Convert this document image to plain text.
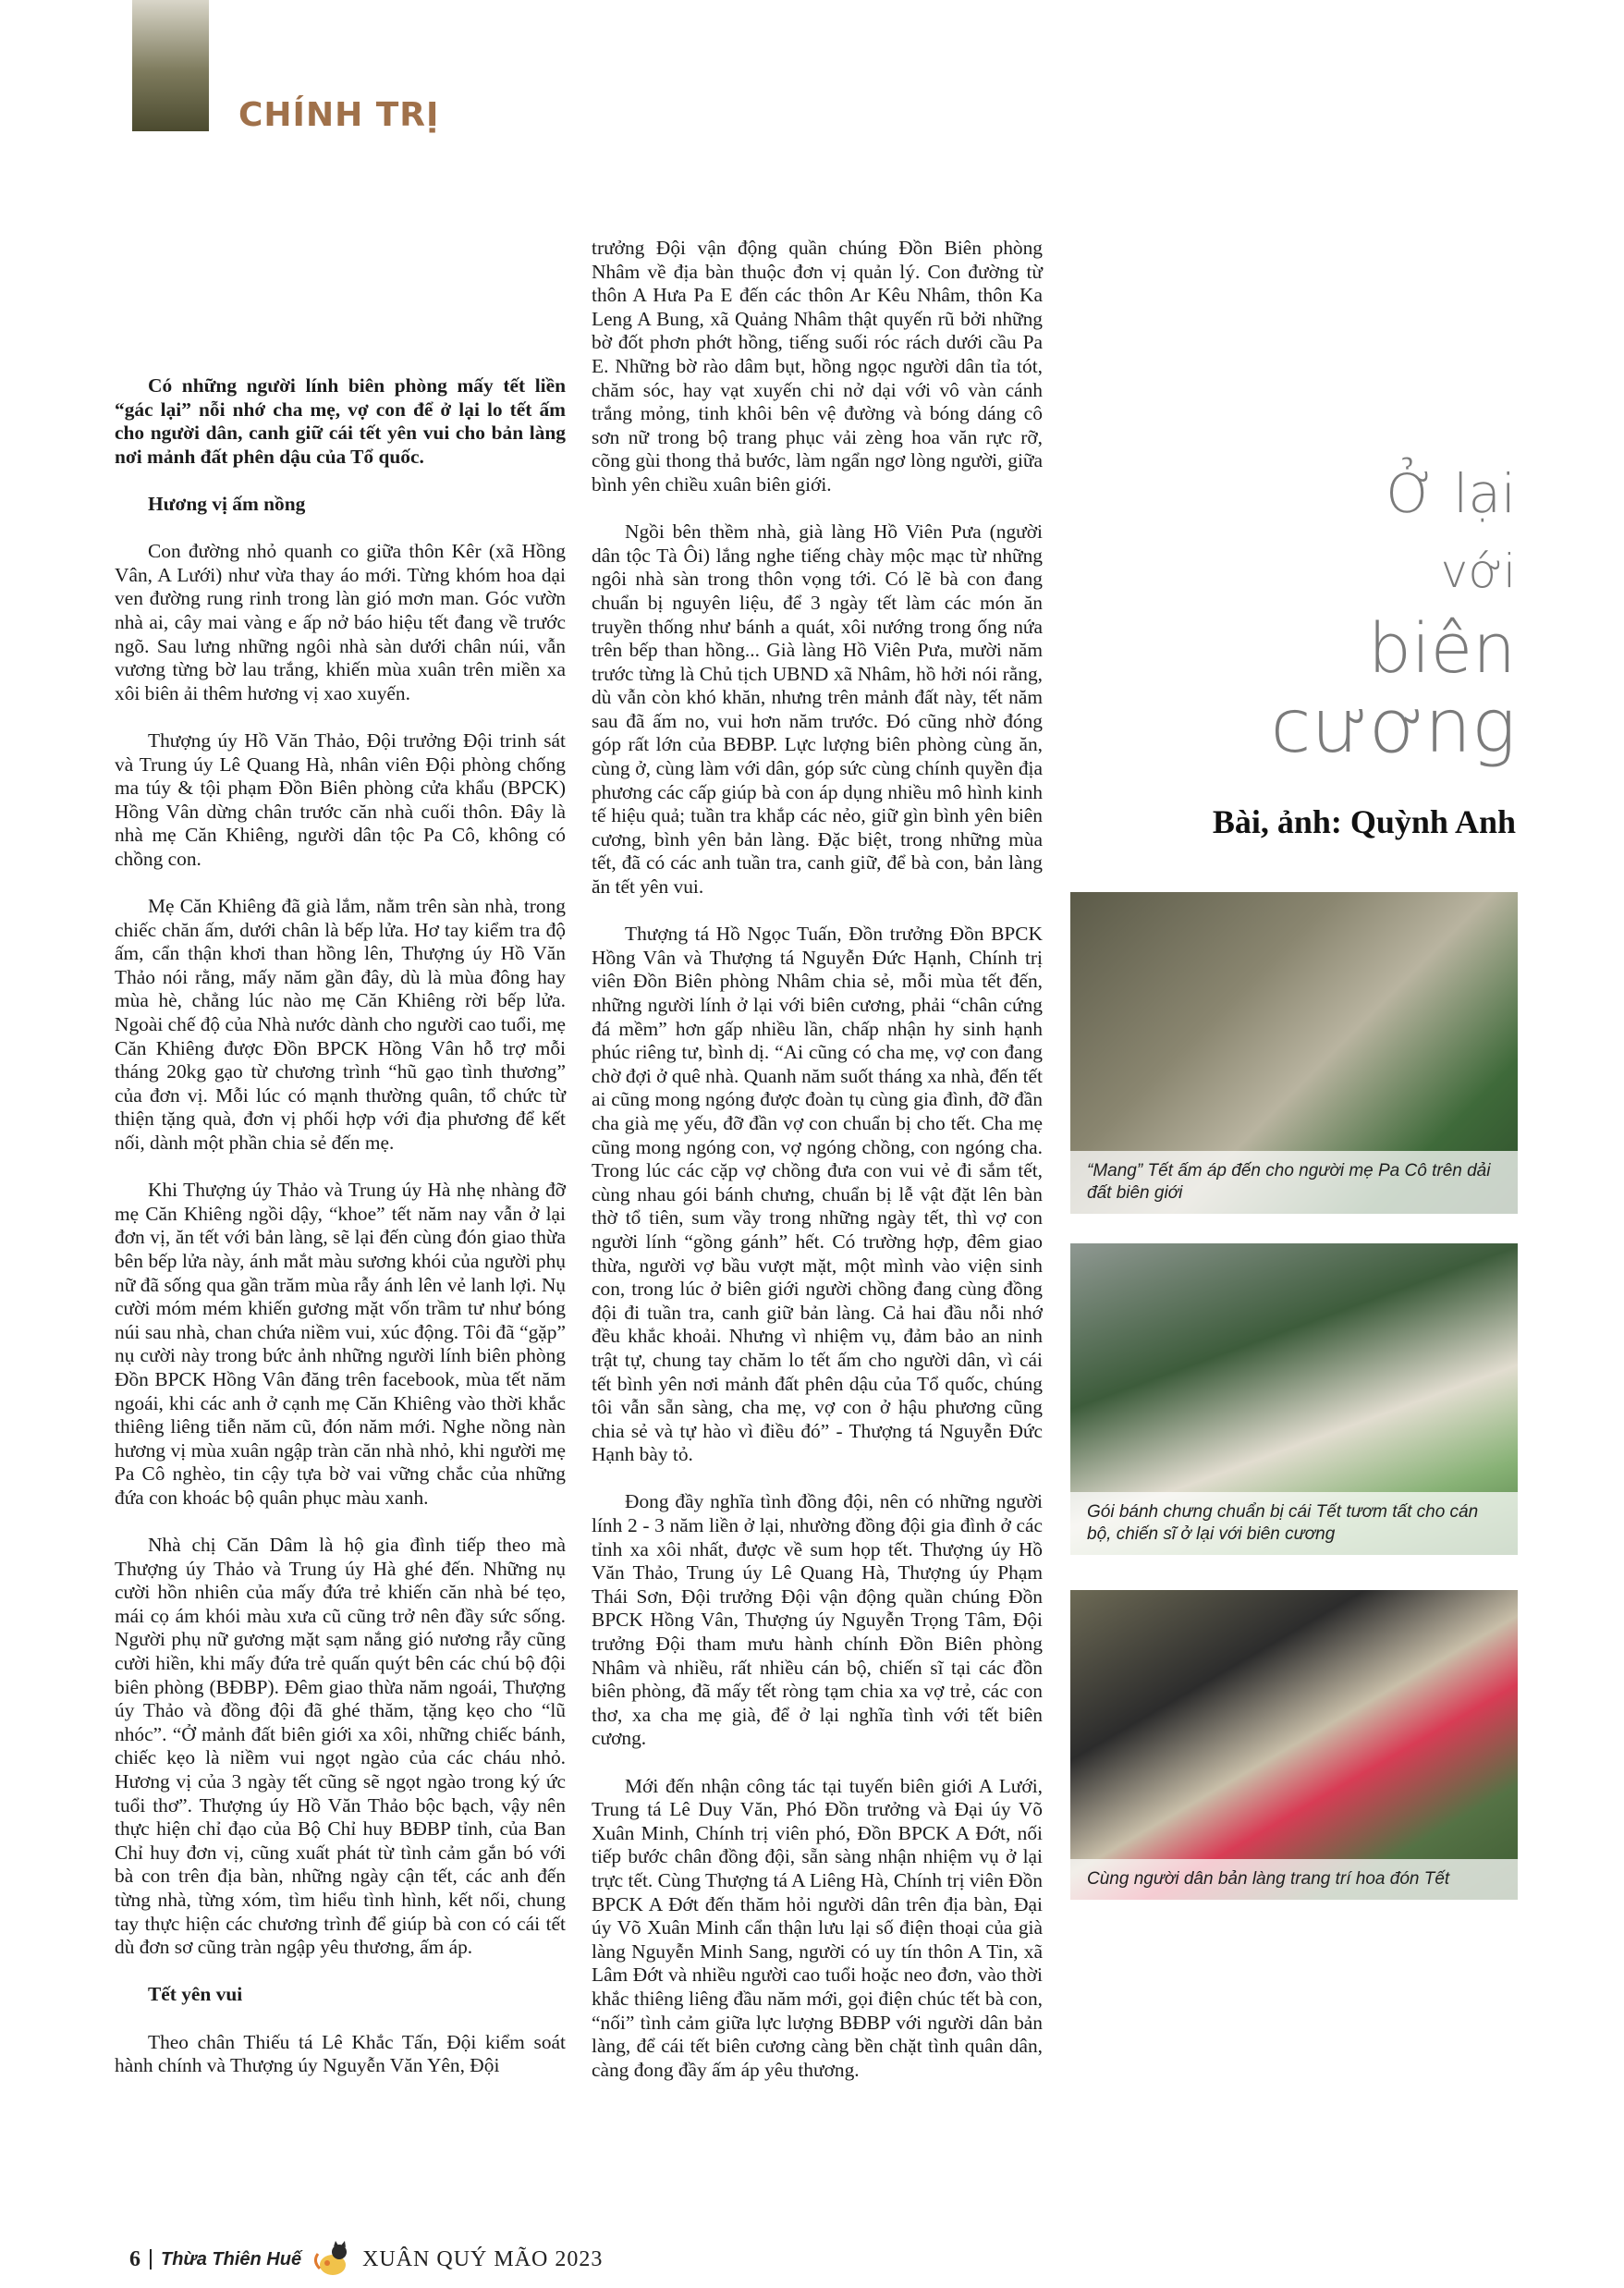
CHÍNH TRỊ

Có những người lính biên phòng mấy tết liền “gác lại” nỗi nhớ cha mẹ, vợ con để ở lại lo tết ấm cho người dân, canh giữ cái tết yên vui cho bản làng nơi mảnh đất phên dậu của Tổ quốc.

Hương vị ấm nồng

Con đường nhỏ quanh co giữa thôn Kêr (xã Hồng Vân, A Lưới) như vừa thay áo mới. Từng khóm hoa dại ven đường rung rinh trong làn gió mơn man. Góc vườn nhà ai, cây mai vàng e ấp nở báo hiệu tết đang về trước ngõ. Sau lưng những ngôi nhà sàn dưới chân núi, vẫn vương từng bờ lau trắng, khiến mùa xuân trên miền xa xôi biên ải thêm hương vị xao xuyến.

Thượng úy Hồ Văn Thảo, Đội trưởng Đội trinh sát và Trung úy Lê Quang Hà, nhân viên Đội phòng chống ma túy & tội phạm Đồn Biên phòng cửa khẩu (BPCK) Hồng Vân dừng chân trước căn nhà cuối thôn. Đây là nhà mẹ Căn Khiêng, người dân tộc Pa Cô, không có chồng con.

Mẹ Căn Khiêng đã già lắm, nằm trên sàn nhà, trong chiếc chăn ấm, dưới chân là bếp lửa. Hơ tay kiểm tra độ ấm, cẩn thận khơi than hồng lên, Thượng úy Hồ Văn Thảo nói rằng, mấy năm gần đây, dù là mùa đông hay mùa hè, chẳng lúc nào mẹ Căn Khiêng rời bếp lửa. Ngoài chế độ của Nhà nước dành cho người cao tuổi, mẹ Căn Khiêng được Đồn BPCK Hồng Vân hỗ trợ mỗi tháng 20kg gạo từ chương trình “hũ gạo tình thương” của đơn vị. Mỗi lúc có mạnh thường quân, tổ chức từ thiện tặng quà, đơn vị phối hợp với địa phương để kết nối, dành một phần chia sẻ đến mẹ.

Khi Thượng úy Thảo và Trung úy Hà nhẹ nhàng đỡ mẹ Căn Khiêng ngồi dậy, “khoe” tết năm nay vẫn ở lại đơn vị, ăn tết với bản làng, sẽ lại đến cùng đón giao thừa bên bếp lửa này, ánh mắt màu sương khói của người phụ nữ đã sống qua gần trăm mùa rẫy ánh lên vẻ lanh lợi. Nụ cười móm mém khiến gương mặt vốn trầm tư như bóng núi sau nhà, chan chứa niềm vui, xúc động. Tôi đã “gặp” nụ cười này trong bức ảnh những người lính biên phòng Đồn BPCK Hồng Vân đăng trên facebook, mùa tết năm ngoái, khi các anh ở cạnh mẹ Căn Khiêng vào thời khắc thiêng liêng tiễn năm cũ, đón năm mới. Nghe nồng nàn hương vị mùa xuân ngập tràn căn nhà nhỏ, khi người mẹ Pa Cô nghèo, tin cậy tựa bờ vai vững chắc của những đứa con khoác bộ quân phục màu xanh.

Nhà chị Căn Dâm là hộ gia đình tiếp theo mà Thượng úy Thảo và Trung úy Hà ghé đến. Những nụ cười hồn nhiên của mấy đứa trẻ khiến căn nhà bé tẹo, mái cọ ám khói màu xưa cũ cũng trở nên đầy sức sống. Người phụ nữ gương mặt sạm nắng gió nương rẫy cũng cười hiền, khi mấy đứa trẻ quấn quýt bên các chú bộ đội biên phòng (BĐBP). Đêm giao thừa năm ngoái, Thượng úy Thảo và đồng đội đã ghé thăm, tặng kẹo cho “lũ nhóc”. “Ở mảnh đất biên giới xa xôi, những chiếc bánh, chiếc kẹo là niềm vui ngọt ngào của các cháu nhỏ. Hương vị của 3 ngày tết cũng sẽ ngọt ngào trong ký ức tuổi thơ”. Thượng úy Hồ Văn Thảo bộc bạch, vậy nên thực hiện chỉ đạo của Bộ Chỉ huy BĐBP tỉnh, của Ban Chỉ huy đơn vị, cũng xuất phát từ tình cảm gắn bó với bà con trên địa bàn, những ngày cận tết, các anh đến từng nhà, từng xóm, tìm hiểu tình hình, kết nối, chung tay thực hiện các chương trình để giúp bà con có cái tết dù đơn sơ cũng tràn ngập yêu thương, ấm áp.

Tết yên vui

Theo chân Thiếu tá Lê Khắc Tấn, Đội kiểm soát hành chính và Thượng úy Nguyễn Văn Yên, Đội

trưởng Đội vận động quần chúng Đồn Biên phòng Nhâm về địa bàn thuộc đơn vị quản lý. Con đường từ thôn A Hưa Pa E đến các thôn Ar Kêu Nhâm, thôn Ka Leng A Bung, xã Quảng Nhâm thật quyến rũ bởi những bờ đốt phơn phớt hồng, tiếng suối róc rách dưới cầu Pa E. Những bờ rào dâm bụt, hồng ngọc người dân tỉa tót, chăm sóc, hay vạt xuyến chi nở dại với vô vàn cánh trắng mỏng, tinh khôi bên vệ đường và bóng dáng cô sơn nữ trong bộ trang phục vải zèng hoa văn rực rỡ, cõng gùi thong thả bước, làm ngẩn ngơ lòng người, giữa bình yên chiều xuân biên giới.

Ngồi bên thềm nhà, già làng Hồ Viên Pưa (người dân tộc Tà Ôi) lắng nghe tiếng chày mộc mạc từ những ngôi nhà sàn trong thôn vọng tới. Có lẽ bà con đang chuẩn bị nguyên liệu, để 3 ngày tết làm các món ăn truyền thống như bánh a quát, xôi nướng trong ống nứa trên bếp than hồng... Già làng Hồ Viên Pưa, mười năm trước từng là Chủ tịch UBND xã Nhâm, hồ hởi nói rằng, dù vẫn còn khó khăn, nhưng trên mảnh đất này, tết năm sau đã ấm no, vui hơn năm trước. Đó cũng nhờ đóng góp rất lớn của BĐBP. Lực lượng biên phòng cùng ăn, cùng ở, cùng làm với dân, góp sức cùng chính quyền địa phương các cấp giúp bà con áp dụng nhiều mô hình kinh tế hiệu quả; tuần tra khắp các nẻo, giữ gìn bình yên biên cương, bình yên bản làng. Đặc biệt, trong những mùa tết, đã có các anh tuần tra, canh giữ, để bà con, bản làng ăn tết yên vui.

Thượng tá Hồ Ngọc Tuấn, Đồn trưởng Đồn BPCK Hồng Vân và Thượng tá Nguyễn Đức Hạnh, Chính trị viên Đồn Biên phòng Nhâm chia sẻ, mỗi mùa tết đến, những người lính ở lại với biên cương, phải “chân cứng đá mềm” hơn gấp nhiều lần, chấp nhận hy sinh hạnh phúc riêng tư, bình dị. “Ai cũng có cha mẹ, vợ con đang chờ đợi ở quê nhà. Quanh năm suốt tháng xa nhà, đến tết ai cũng mong ngóng được đoàn tụ cùng gia đình, đỡ đần cha già mẹ yếu, đỡ đần vợ con chuẩn bị cho tết. Cha mẹ cũng mong ngóng con, vợ ngóng chồng, con ngóng cha. Trong lúc các cặp vợ chồng đưa con vui vẻ đi sắm tết, cùng nhau gói bánh chưng, chuẩn bị lễ vật đặt lên bàn thờ tổ tiên, sum vầy trong những ngày tết, thì vợ con người lính “gồng gánh” hết. Có trường hợp, đêm giao thừa, người vợ bầu vượt mặt, một mình vào viện sinh con, trong lúc ở biên giới người chồng đang cùng đồng đội đi tuần tra, canh giữ bản làng. Cả hai đầu nỗi nhớ đều khắc khoải. Nhưng vì nhiệm vụ, đảm bảo an ninh trật tự, chung tay chăm lo tết ấm cho người dân, vì cái tết bình yên nơi mảnh đất phên dậu của Tổ quốc, chúng tôi vẫn sẵn sàng, cha mẹ, vợ con ở hậu phương cũng chia sẻ và tự hào vì điều đó” - Thượng tá Nguyễn Đức Hạnh bày tỏ.

Đong đầy nghĩa tình đồng đội, nên có những người lính 2 - 3 năm liền ở lại, nhường đồng đội gia đình ở các tỉnh xa xôi nhất, được về sum họp tết. Thượng úy Hồ Văn Thảo, Trung úy Lê Quang Hà, Thượng úy Phạm Thái Sơn, Đội trưởng Đội vận động quần chúng Đồn BPCK Hồng Vân, Thượng úy Nguyễn Trọng Tâm, Đội trưởng Đội tham mưu hành chính Đồn Biên phòng Nhâm và nhiều, rất nhiều cán bộ, chiến sĩ tại các đồn biên phòng, đã mấy tết ròng tạm chia xa vợ trẻ, các con thơ, xa cha mẹ già, để ở lại nghĩa tình với tết biên cương.

Mới đến nhận công tác tại tuyến biên giới A Lưới, Trung tá Lê Duy Văn, Phó Đồn trưởng và Đại úy Võ Xuân Minh, Chính trị viên phó, Đồn BPCK A Đớt, nối tiếp bước chân đồng đội, sẵn sàng nhận nhiệm vụ ở lại trực tết. Cùng Thượng tá A Liêng Hà, Chính trị viên Đồn BPCK A Đớt đến thăm hỏi người dân trên địa bàn, Đại úy Võ Xuân Minh cẩn thận lưu lại số điện thoại của già làng Nguyễn Minh Sang, người có uy tín thôn A Tin, xã Lâm Đớt và nhiều người cao tuổi hoặc neo đơn, vào thời khắc thiêng liêng đầu năm mới, gọi điện chúc tết bà con, “nối” tình cảm giữa lực lượng BĐBP với người dân bản làng, để cái tết biên cương càng bền chặt tình quân dân, càng đong đầy ấm áp yêu thương.

Ở lại
với
biên
cương
Bài, ảnh: Quỳnh Anh
“Mang” Tết ấm áp đến cho người mẹ Pa Cô trên dải đất biên giới
Gói bánh chưng chuẩn bị cái Tết tươm tất cho cán bộ, chiến sĩ ở lại với biên cương
Cùng người dân bản làng trang trí hoa đón Tết
6 Thừa Thiên Huế	XUÂN QUÝ MÃO 2023
